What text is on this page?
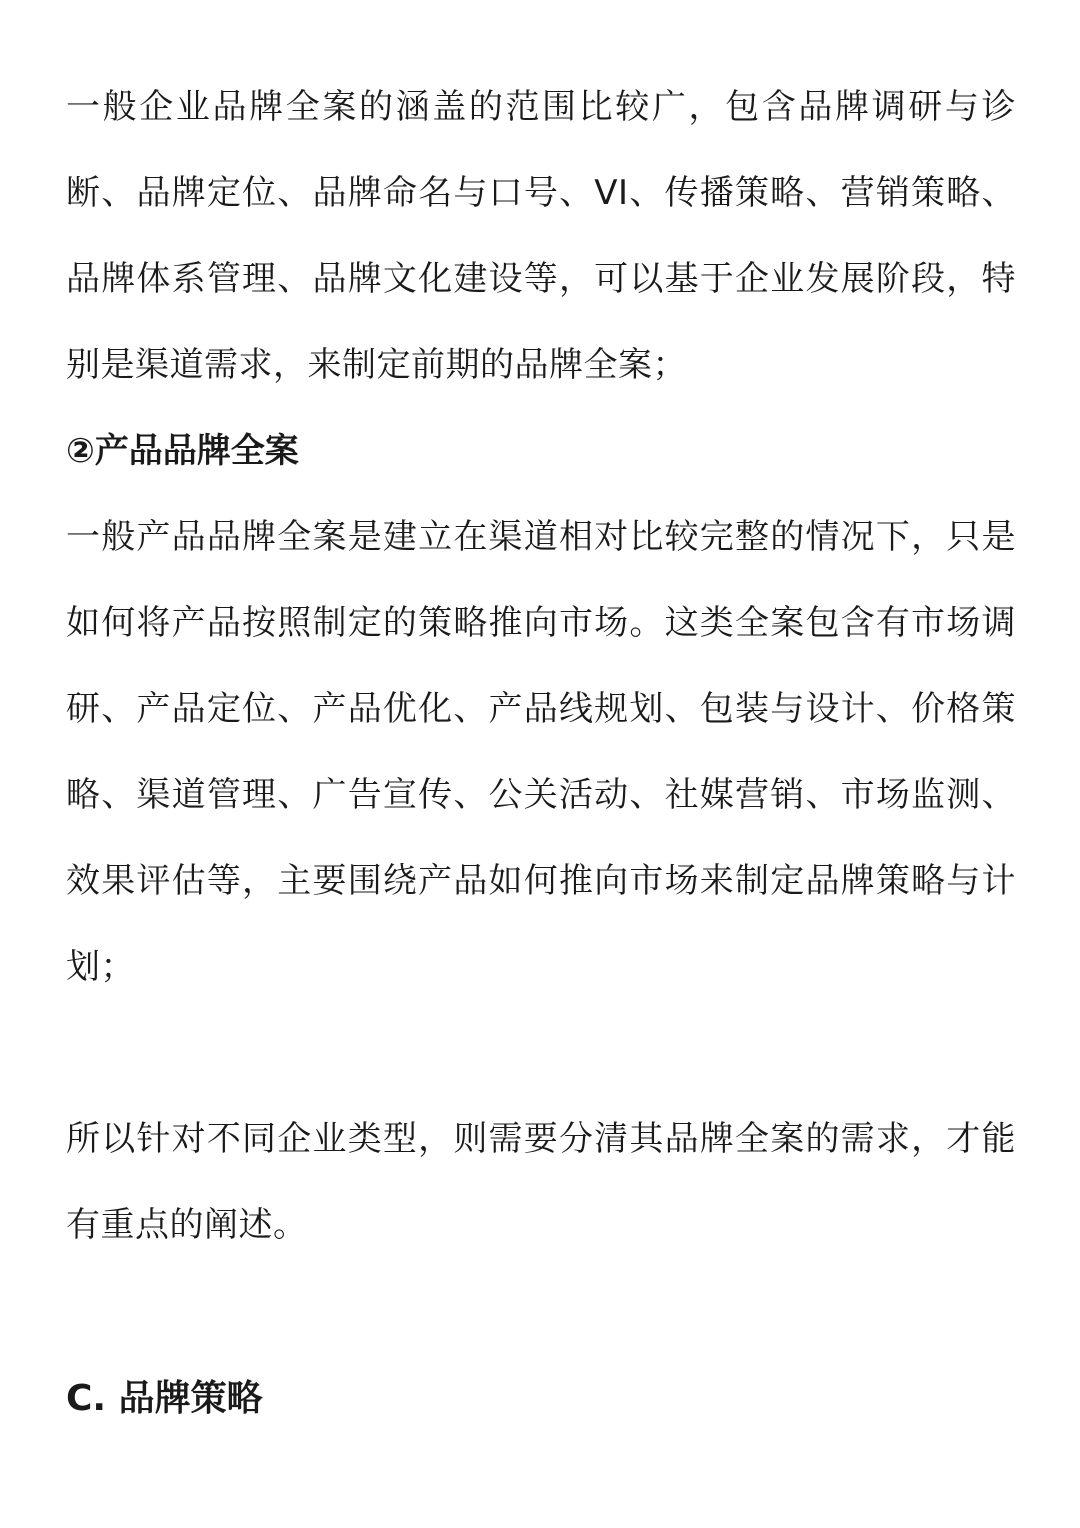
一般企业品牌全案的涵盖的范围比较广，包含品牌调研与诊断、品牌定位、品牌命名与口号、VI、传播策略、营销策略、品牌体系管理、品牌文化建设等，可以基于企业发展阶段，特别是渠道需求，来制定前期的品牌全案；

②产品品牌全案

一般产品品牌全案是建立在渠道相对比较完整的情况下，只是如何将产品按照制定的策略推向市场。这类全案包含有市场调研、产品定位、产品优化、产品线规划、包装与设计、价格策略、渠道管理、广告宣传、公关活动、社媒营销、市场监测、效果评估等，主要围绕产品如何推向市场来制定品牌策略与计划；

所以针对不同企业类型，则需要分清其品牌全案的需求，才能有重点的阐述。

C. 品牌策略
